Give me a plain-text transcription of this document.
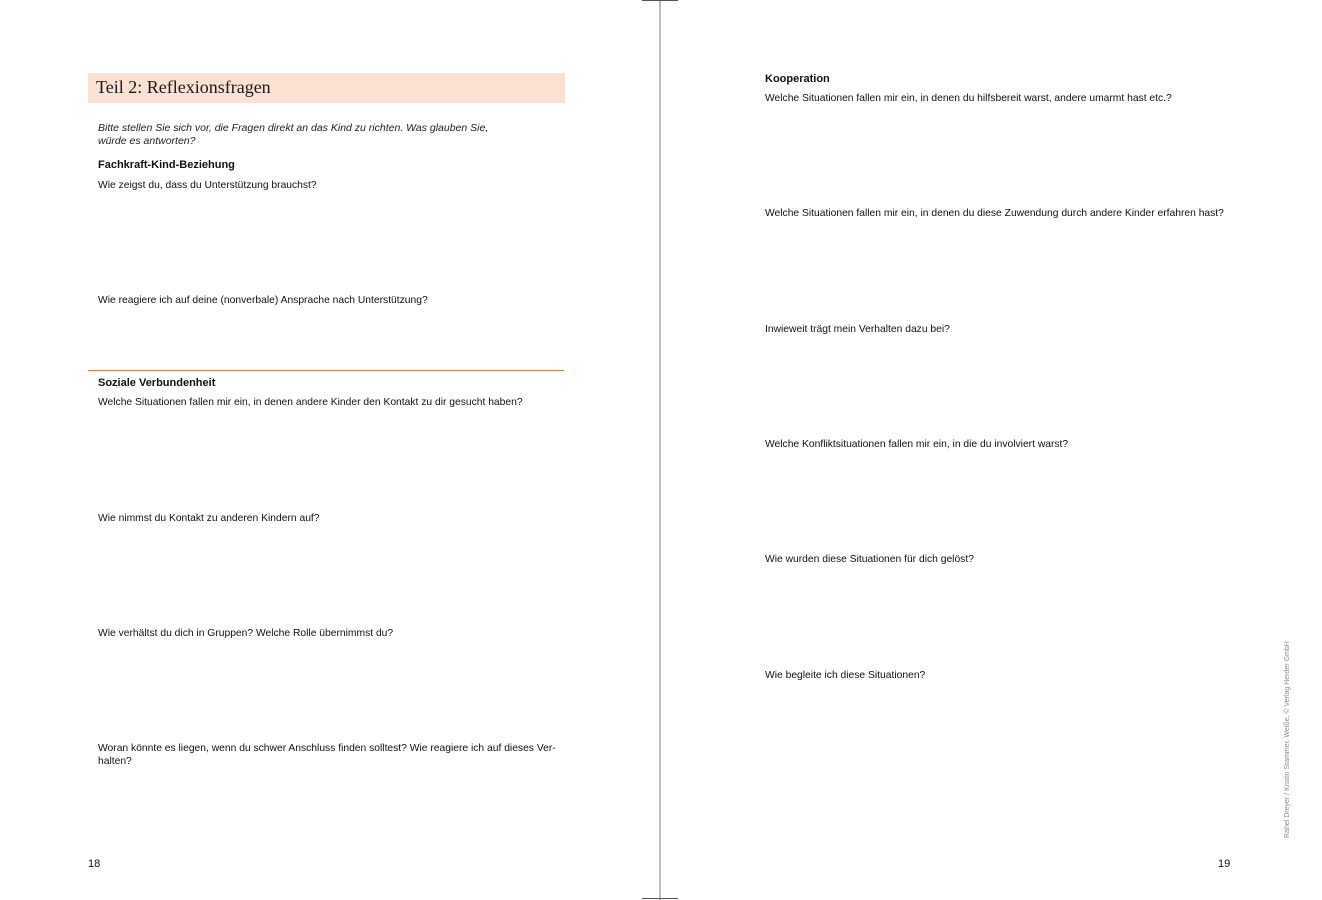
Teil 2: Reflexionsfragen
Bitte stellen Sie sich vor, die Fragen direkt an das Kind zu richten. Was glauben Sie,
würde es antworten?
Fachkraft-Kind-Beziehung
Wie zeigst du, dass du Unterstützung brauchst?
Wie reagiere ich auf deine (nonverbale) Ansprache nach Unterstützung?
Soziale Verbundenheit
Welche Situationen fallen mir ein, in denen andere Kinder den Kontakt zu dir gesucht haben?
Wie nimmst du Kontakt zu anderen Kindern auf?
Wie verhältst du dich in Gruppen? Welche Rolle übernimmst du?
Woran könnte es liegen, wenn du schwer Anschluss finden solltest? Wie reagiere ich auf dieses Ver-
halten?
18
Kooperation
Welche Situationen fallen mir ein, in denen du hilfsbereit warst, andere umarmt hast etc.?
Welche Situationen fallen mir ein, in denen du diese Zuwendung durch andere Kinder erfahren hast?
Inwieweit trägt mein Verhalten dazu bei?
Welche Konfliktsituationen fallen mir ein, in die du involviert warst?
Wie wurden diese Situationen für dich gelöst?
Wie begleite ich diese Situationen?
19
Rahel Dreyer / Kristin Stammer, Weiße, © Verlag Herder GmbH
